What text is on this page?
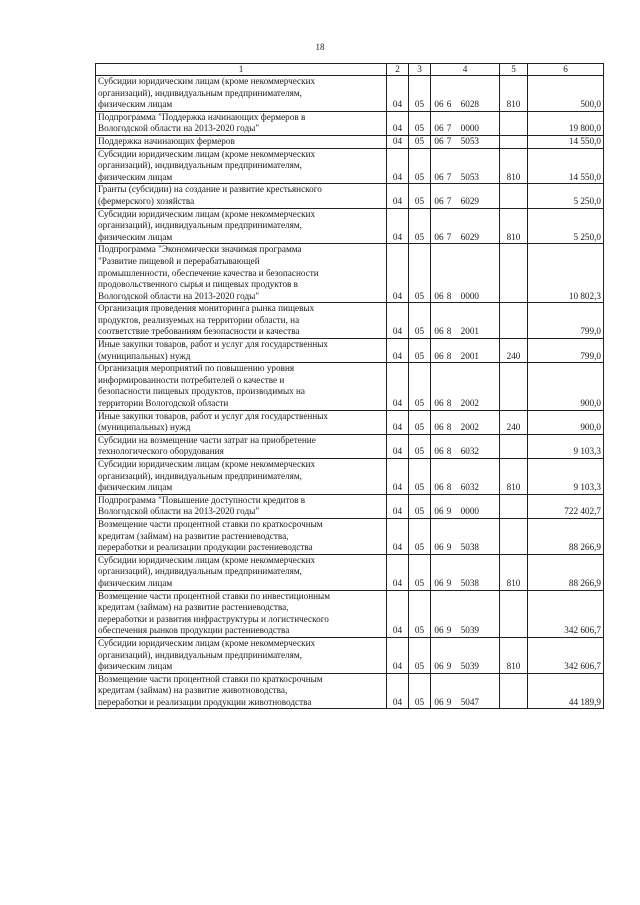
18
1	2	3	4	5	6
Субсидии юридическим лицам (кроме некоммерческих
организаций), индивидуальным предпринимателям,
физическим лицам	04	05	06 6 6028	810	500,0
Подпрограмма "Поддержка начинающих фермеров в
Вологодской области на 2013-2020 годы"	04	05	06 7 0000		19 800,0
Поддержка начинающих фермеров	04	05	06 7 5053		14 550,0
Субсидии юридическим лицам (кроме некоммерческих
организаций), индивидуальным предпринимателям,
физическим лицам	04	05	06 7 5053	810	14 550,0
Гранты (субсидии) на создание и развитие крестьянского
(фермерского) хозяйства	04	05	06 7 6029		5 250,0
Субсидии юридическим лицам (кроме некоммерческих
организаций), индивидуальным предпринимателям,
физическим лицам	04	05	06 7 6029	810	5 250,0
Подпрограмма "Экономически значимая программа
"Развитие пищевой и перерабатывающей
промышленности, обеспечение качества и безопасности
продовольственного сырья и пищевых продуктов в
Вологодской области на 2013-2020 годы"	04	05	06 8 0000		10 802,3
Организация проведения мониторинга рынка пищевых
продуктов, реализуемых на территории области, на
соответствие требованиям безопасности и качества	04	05	06 8 2001		799,0
Иные закупки товаров, работ и услуг для государственных
(муниципальных) нужд	04	05	06 8 2001	240	799,0
Организация мероприятий по повышению уровня
информированности потребителей о качестве и
безопасности пищевых продуктов, производимых на
территории Вологодской области	04	05	06 8 2002		900,0
Иные закупки товаров, работ и услуг для государственных
(муниципальных) нужд	04	05	06 8 2002	240	900,0
Субсидии на возмещение части затрат на приобретение
технологического оборудования	04	05	06 8 6032		9 103,3
Субсидии юридическим лицам (кроме некоммерческих
организаций), индивидуальным предпринимателям,
физическим лицам	04	05	06 8 6032	810	9 103,3
Подпрограмма "Повышение доступности кредитов в
Вологодской области на 2013-2020 годы"	04	05	06 9 0000		722 402,7
Возмещение части процентной ставки по краткосрочным
кредитам (займам) на развитие растениеводства,
переработки и реализации продукции растениеводства	04	05	06 9 5038		88 266,9
Субсидии юридическим лицам (кроме некоммерческих
организаций), индивидуальным предпринимателям,
физическим лицам	04	05	06 9 5038	810	88 266,9
Возмещение части процентной ставки по инвестиционным
кредитам (займам) на развитие растениеводства,
переработки и развития инфраструктуры и логистического
обеспечения рынков продукции растениеводства	04	05	06 9 5039		342 606,7
Субсидии юридическим лицам (кроме некоммерческих
организаций), индивидуальным предпринимателям,
физическим лицам	04	05	06 9 5039	810	342 606,7
Возмещение части процентной ставки по краткосрочным
кредитам (займам) на развитие животноводства,
переработки и реализации продукции животноводства	04	05	06 9 5047		44 189,9
